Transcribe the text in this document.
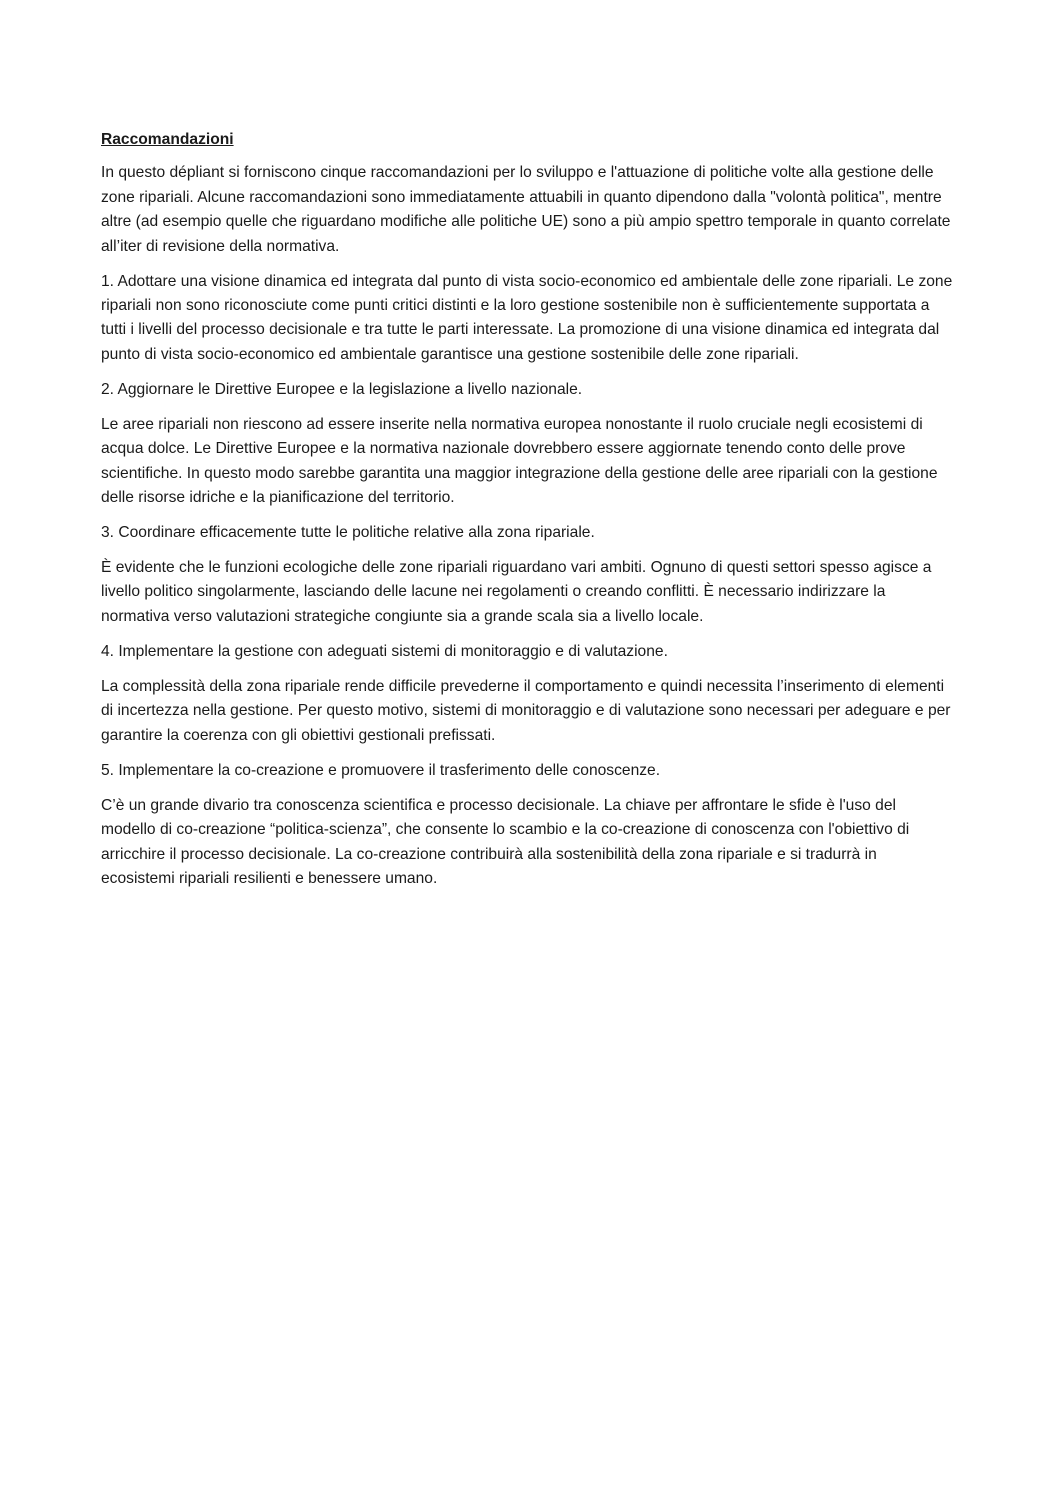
Raccomandazioni

In questo dépliant si forniscono cinque raccomandazioni per lo sviluppo e l'attuazione di politiche volte alla gestione delle zone ripariali. Alcune raccomandazioni sono immediatamente attuabili in quanto dipendono dalla "volontà politica", mentre altre (ad esempio quelle che riguardano modifiche alle politiche UE) sono a più ampio spettro temporale in quanto correlate all’iter di revisione della normativa.

1. Adottare una visione dinamica ed integrata dal punto di vista socio-economico ed ambientale delle zone ripariali. Le zone ripariali non sono riconosciute come punti critici distinti e la loro gestione sostenibile non è sufficientemente supportata a tutti i livelli del processo decisionale e tra tutte le parti interessate. La promozione di una visione dinamica ed integrata dal punto di vista socio-economico ed ambientale garantisce una gestione sostenibile delle zone ripariali.

2. Aggiornare le Direttive Europee e la legislazione a livello nazionale.

Le aree ripariali non riescono ad essere inserite nella normativa europea nonostante il ruolo cruciale negli ecosistemi di acqua dolce. Le Direttive Europee e la normativa nazionale dovrebbero essere aggiornate tenendo conto delle prove scientifiche. In questo modo sarebbe garantita una maggior integrazione della gestione delle aree ripariali con la gestione delle risorse idriche e la pianificazione del territorio.

3. Coordinare efficacemente tutte le politiche relative alla zona ripariale.

È evidente che le funzioni ecologiche delle zone ripariali riguardano vari ambiti. Ognuno di questi settori spesso agisce a livello politico singolarmente, lasciando delle lacune nei regolamenti o creando conflitti. È necessario indirizzare la normativa verso valutazioni strategiche congiunte sia a grande scala sia a livello locale.

4. Implementare la gestione con adeguati sistemi di monitoraggio e di valutazione.

La complessità della zona ripariale rende difficile prevederne il comportamento e quindi necessita l’inserimento di elementi di incertezza nella gestione. Per questo motivo, sistemi di monitoraggio e di valutazione sono necessari per adeguare e per garantire la coerenza con gli obiettivi gestionali prefissati.

5. Implementare la co-creazione e promuovere il trasferimento delle conoscenze.

C’è un grande divario tra conoscenza scientifica e processo decisionale. La chiave per affrontare le sfide è l'uso del modello di co-creazione “politica-scienza”, che consente lo scambio e la co-creazione di conoscenza con l'obiettivo di arricchire il processo decisionale. La co-creazione contribuirà alla sostenibilità della zona ripariale e si tradurrà in ecosistemi ripariali resilienti e benessere umano.
